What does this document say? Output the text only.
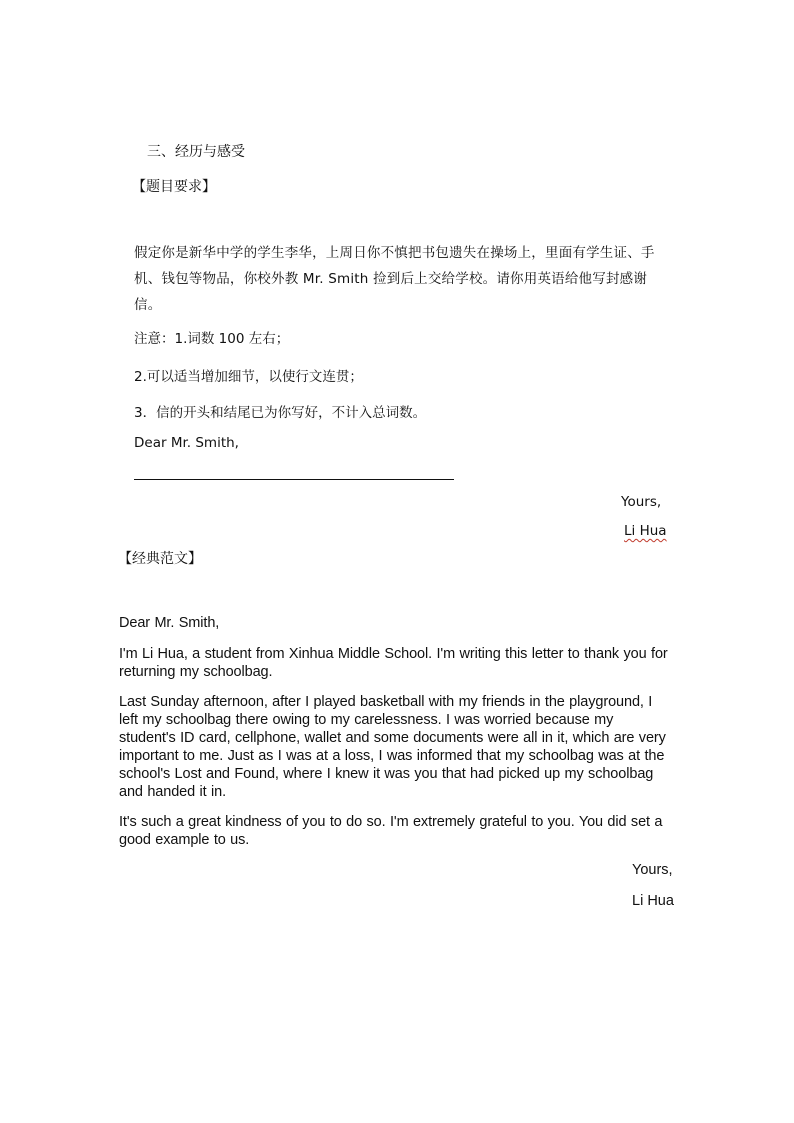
三、经历与感受
【题目要求】
假定你是新华中学的学生李华，上周日你不慎把书包遗失在操场上，里面有学生证、手机、钱包等物品，你校外教 Mr. Smith 捡到后上交给学校。请你用英语给他写封感谢信。
注意：1.词数 100 左右；
2.可以适当增加细节，以使行文连贯；
3．信的开头和结尾已为你写好，不计入总词数。
Dear Mr. Smith,
Yours,
Li Hua
【经典范文】
Dear Mr. Smith,

I'm Li Hua, a student from Xinhua Middle School. I'm writing this letter to thank you for returning my schoolbag.

Last Sunday afternoon, after I played basketball with my friends in the playground, I left my schoolbag there owing to my carelessness. I was worried because my student's ID card, cellphone, wallet and some documents were all in it, which are very important to me. Just as I was at a loss, I was informed that my schoolbag was at the school's Lost and Found, where I knew it was you that had picked up my schoolbag and handed it in.

It's such a great kindness of you to do so. I'm extremely grateful to you. You did set a good example to us.

Yours,
Li Hua
